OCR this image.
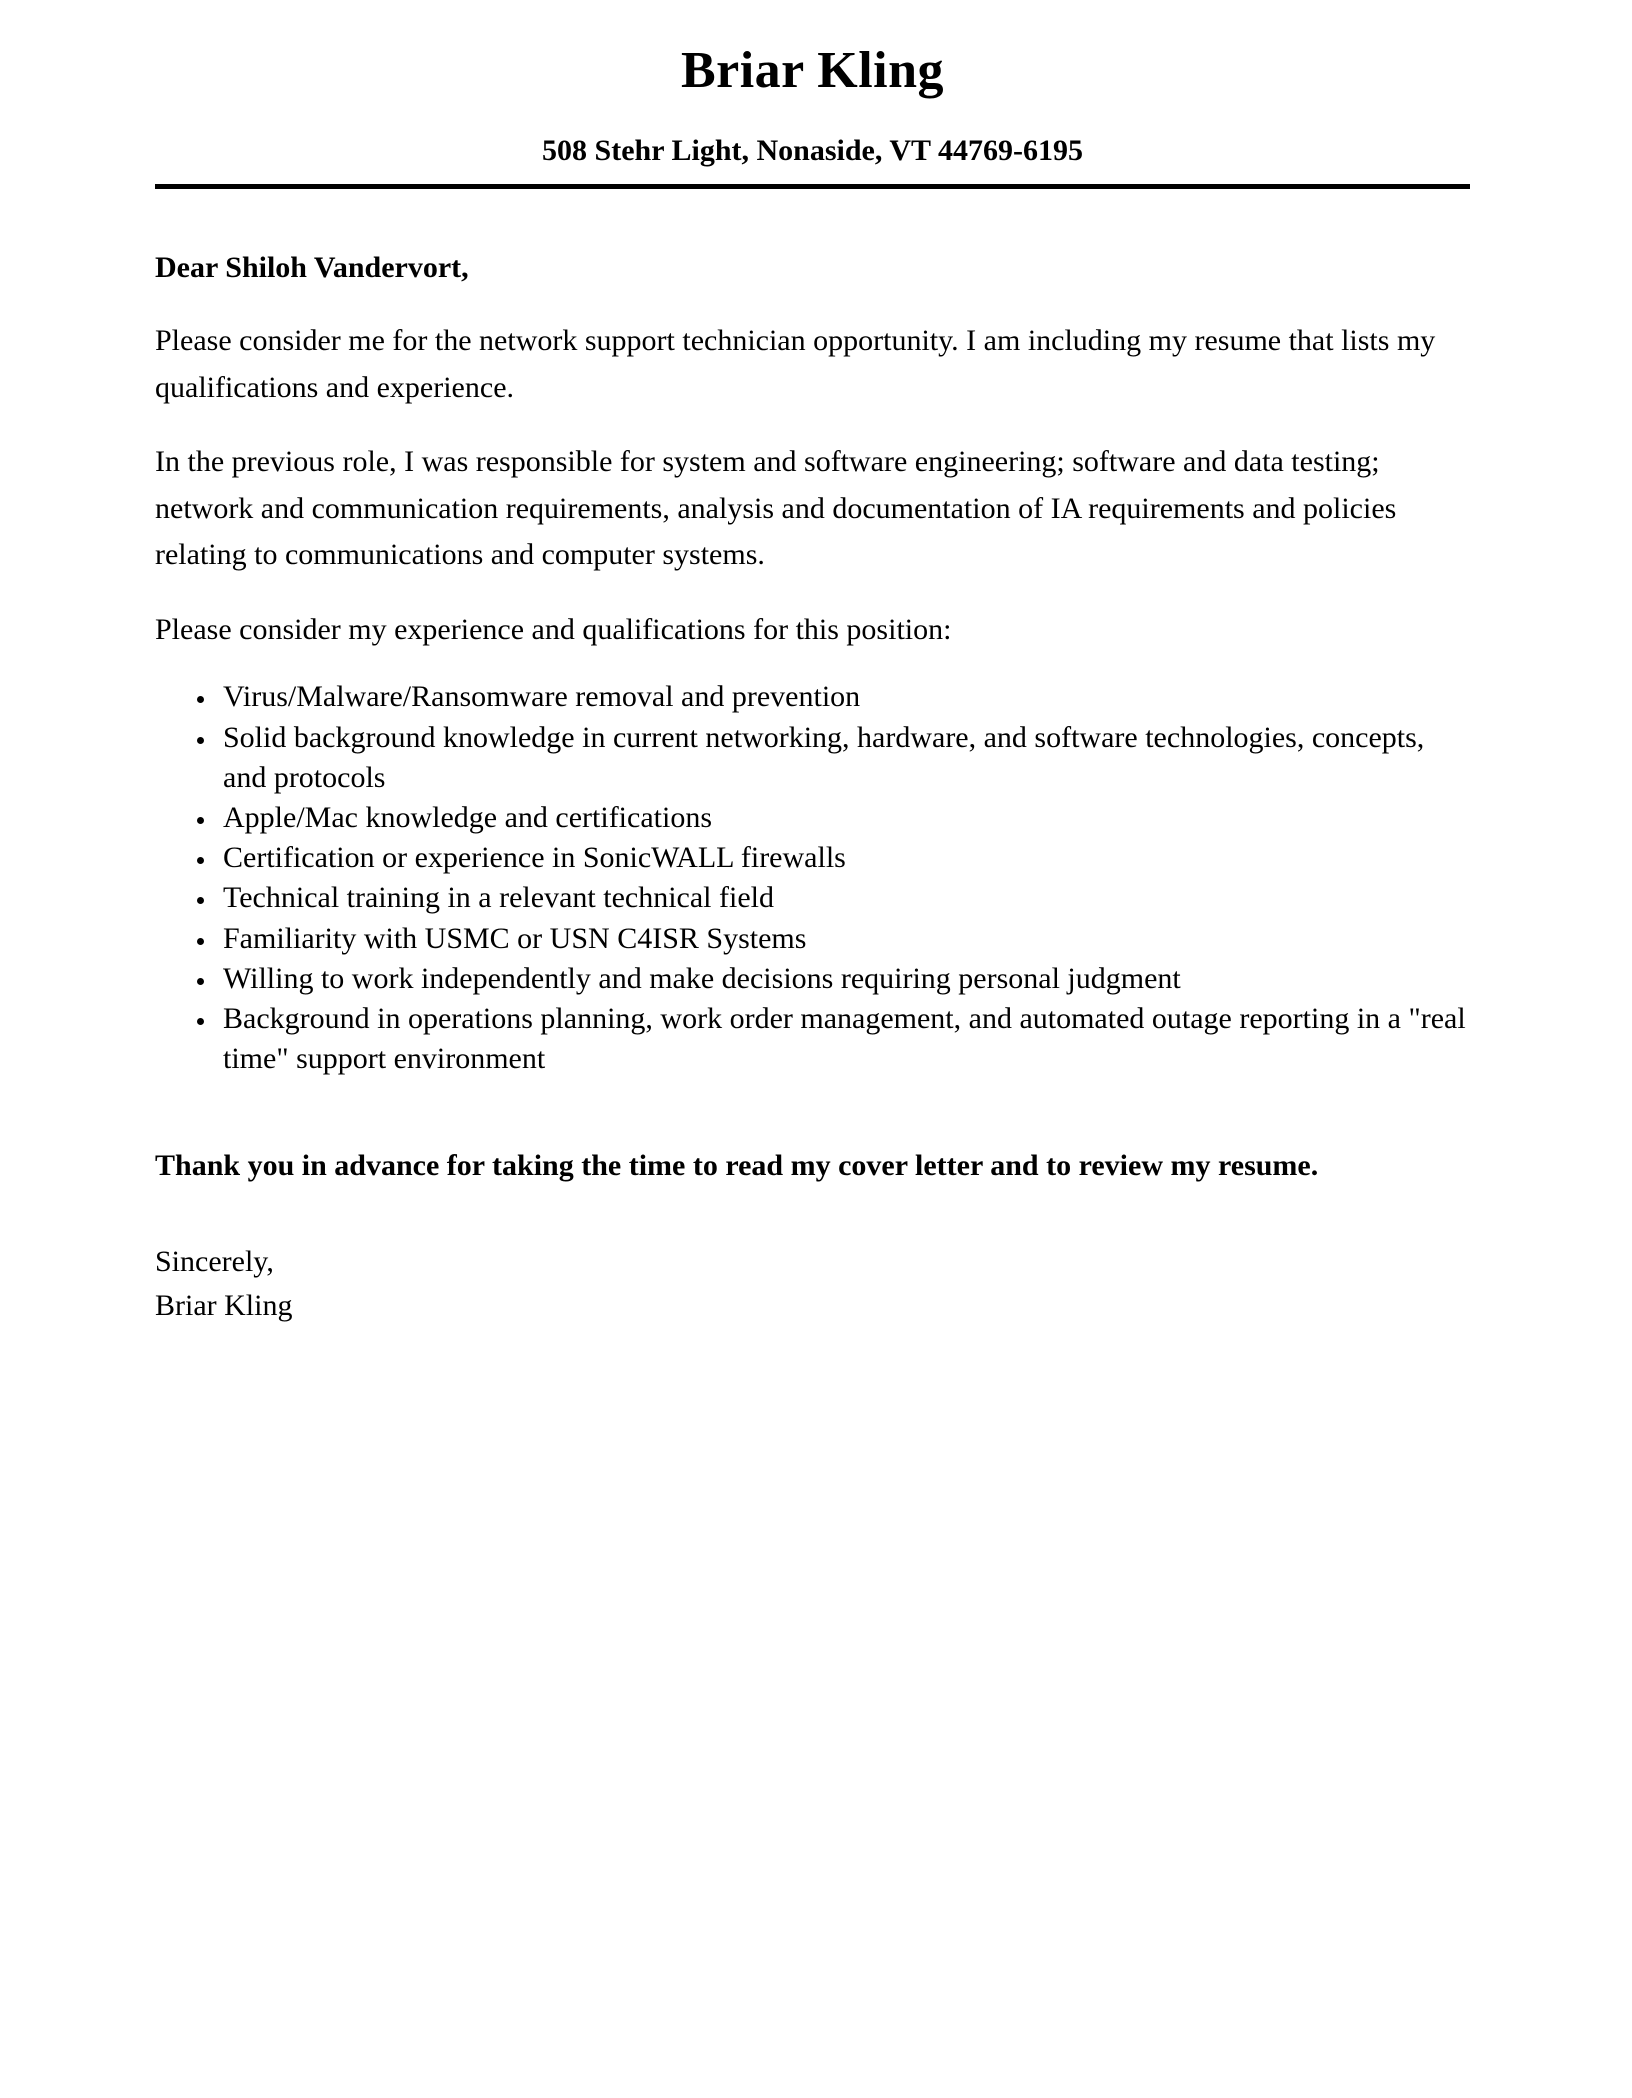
Briar Kling
508 Stehr Light, Nonaside, VT 44769-6195

Dear Shiloh Vandervort,

Please consider me for the network support technician opportunity. I am including my resume that lists my qualifications and experience.

In the previous role, I was responsible for system and software engineering; software and data testing; network and communication requirements, analysis and documentation of IA requirements and policies relating to communications and computer systems.

Please consider my experience and qualifications for this position:

• Virus/Malware/Ransomware removal and prevention
• Solid background knowledge in current networking, hardware, and software technologies, concepts, and protocols
• Apple/Mac knowledge and certifications
• Certification or experience in SonicWALL firewalls
• Technical training in a relevant technical field
• Familiarity with USMC or USN C4ISR Systems
• Willing to work independently and make decisions requiring personal judgment
• Background in operations planning, work order management, and automated outage reporting in a "real time" support environment

Thank you in advance for taking the time to read my cover letter and to review my resume.

Sincerely,
Briar Kling
